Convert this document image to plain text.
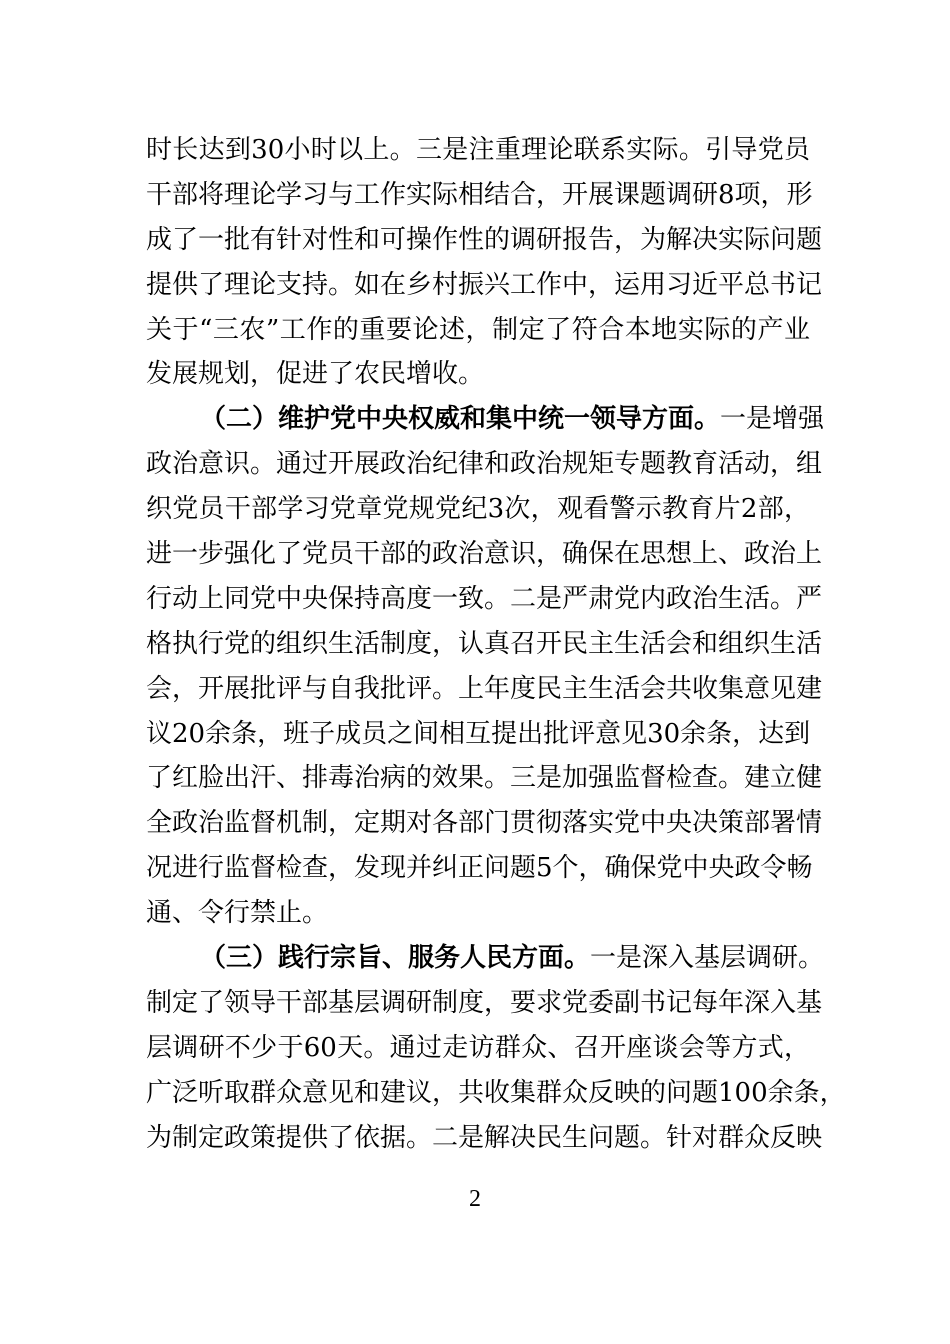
时长达到30小时以上。三是注重理论联系实际。引导党员
干部将理论学习与工作实际相结合，开展课题调研8项，形
成了一批有针对性和可操作性的调研报告，为解决实际问题
提供了理论支持。如在乡村振兴工作中，运用习近平总书记
关于“三农”工作的重要论述，制定了符合本地实际的产业
发展规划，促进了农民增收。
（二）维护党中央权威和集中统一领导方面。一是增强
政治意识。通过开展政治纪律和政治规矩专题教育活动，组
织党员干部学习党章党规党纪3次，观看警示教育片2部，
进一步强化了党员干部的政治意识，确保在思想上、政治上
行动上同党中央保持高度一致。二是严肃党内政治生活。严
格执行党的组织生活制度，认真召开民主生活会和组织生活
会，开展批评与自我批评。上年度民主生活会共收集意见建
议20余条，班子成员之间相互提出批评意见30余条，达到
了红脸出汗、排毒治病的效果。三是加强监督检查。建立健
全政治监督机制，定期对各部门贯彻落实党中央决策部署情
况进行监督检查，发现并纠正问题5个，确保党中央政令畅
通、令行禁止。
（三）践行宗旨、服务人民方面。一是深入基层调研。
制定了领导干部基层调研制度，要求党委副书记每年深入基
层调研不少于60天。通过走访群众、召开座谈会等方式，
广泛听取群众意见和建议，共收集群众反映的问题100余条，
为制定政策提供了依据。二是解决民生问题。针对群众反映
2
